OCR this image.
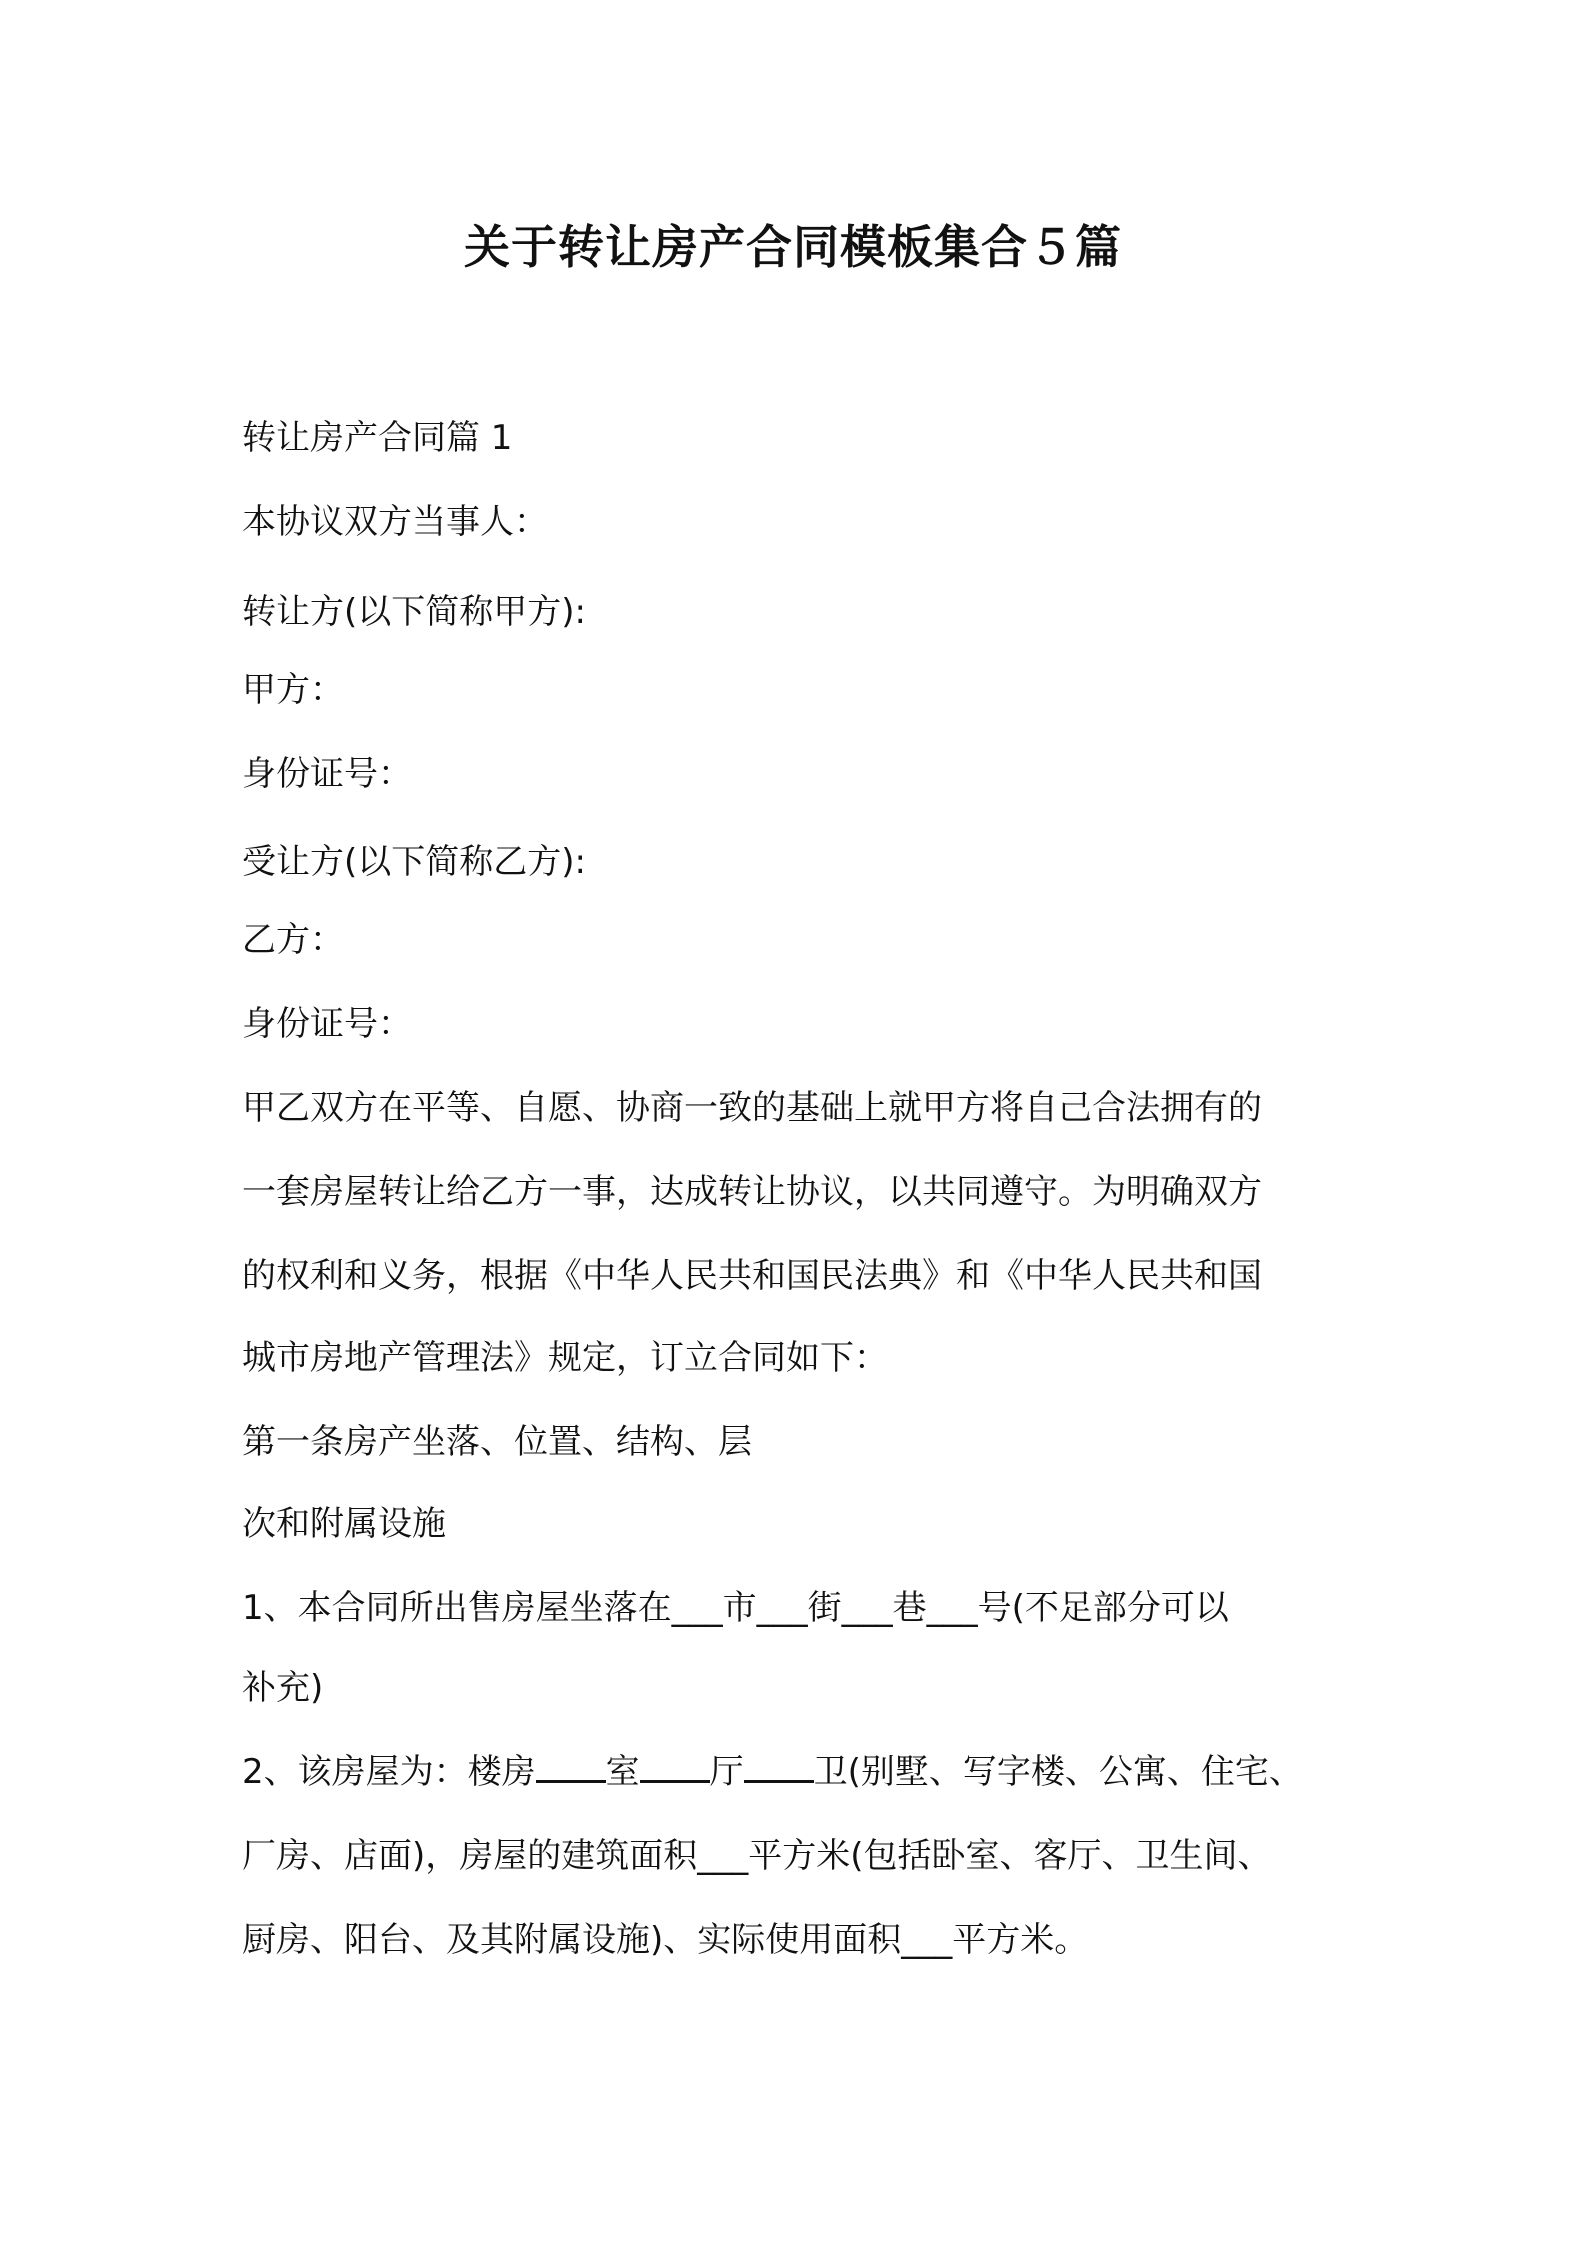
关于转让房产合同模板集合５篇

转让房产合同篇 1

本协议双方当事人：

转让方(以下简称甲方):

甲方：

身份证号：

受让方(以下简称乙方):

乙方：

身份证号：

甲乙双方在平等、自愿、协商一致的基础上就甲方将自己合法拥有的

一套房屋转让给乙方一事，达成转让协议，以共同遵守。为明确双方

的权利和义务，根据《中华人民共和国民法典》和《中华人民共和国

城市房地产管理法》规定，订立合同如下：

第一条房产坐落、位置、结构、层

次和附属设施

1、本合同所出售房屋坐落在___市___街___巷___号(不足部分可以

补充)

2、该房屋为：楼房 室 厅 卫(别墅、写字楼、公寓、住宅、

厂房、店面)，房屋的建筑面积___平方米(包括卧室、客厅、卫生间、

厨房、阳台、及其附属设施)、实际使用面积___平方米。
